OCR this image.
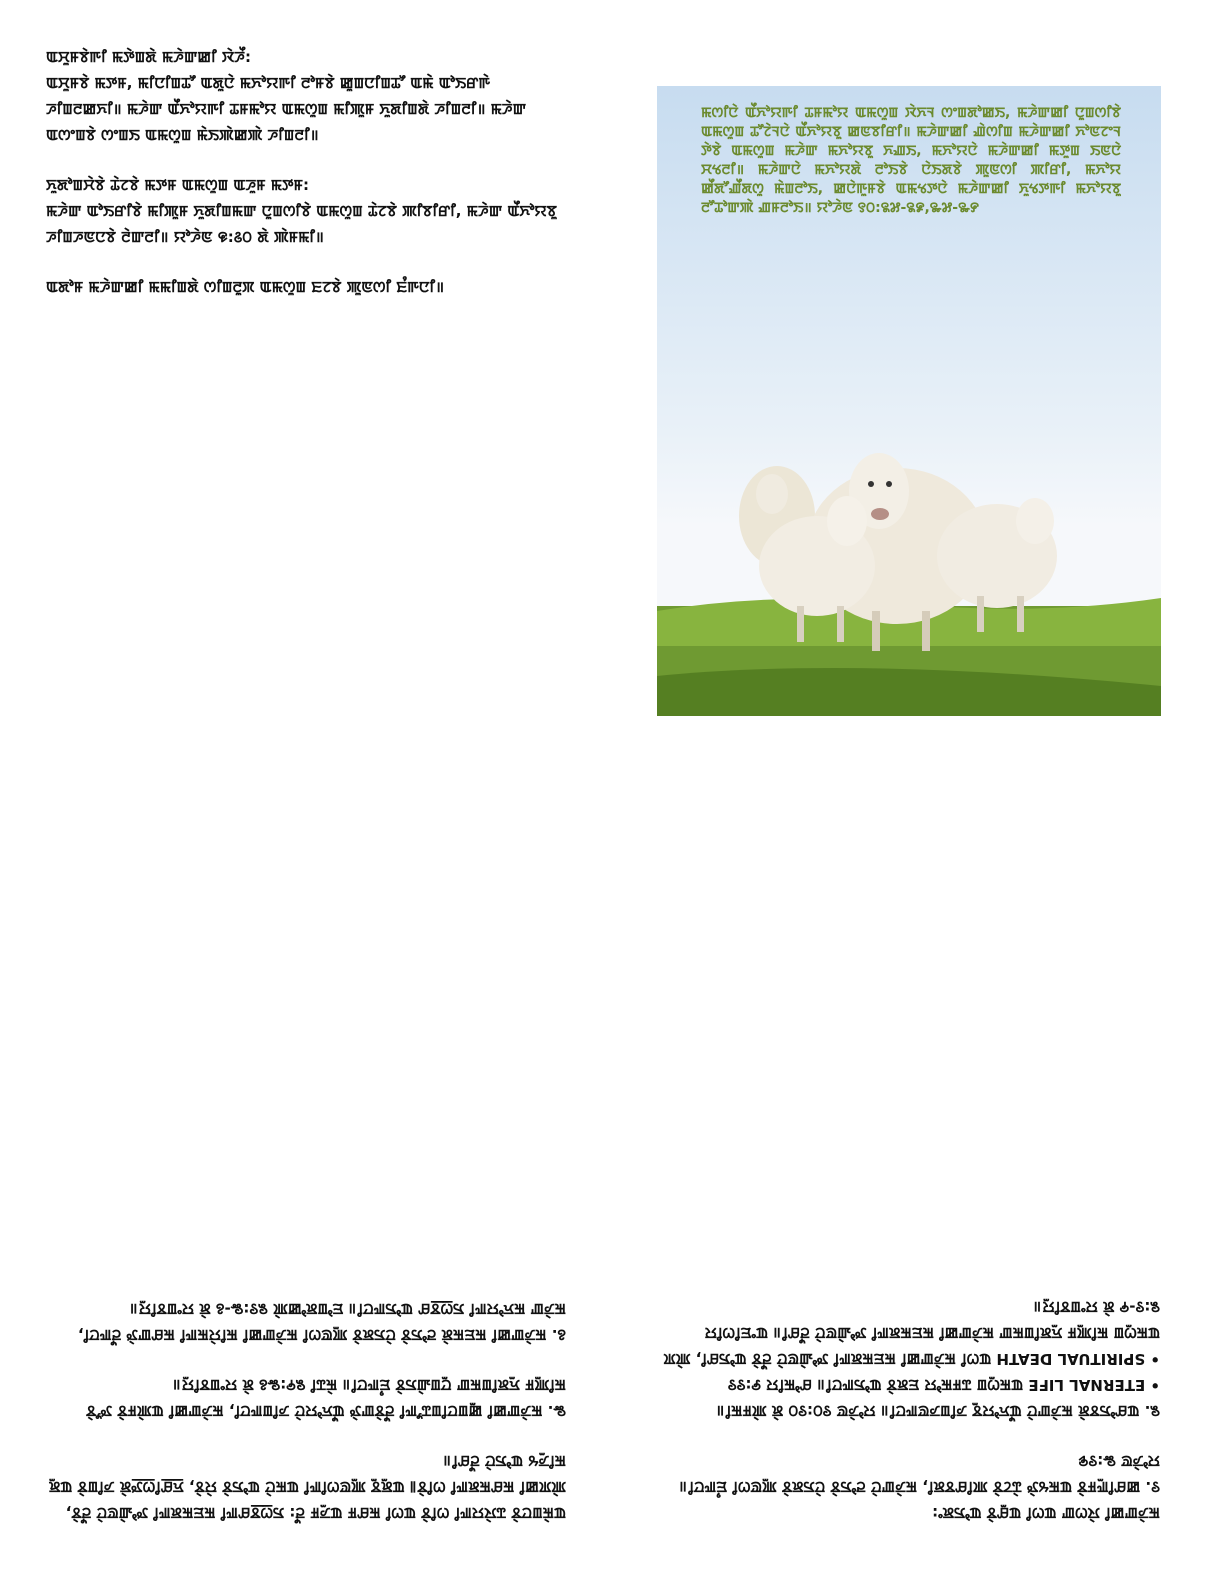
ꯑꯆꯨꯝꯕꯥꯒꯤ ꯃꯇꯥꯡꯗꯥ ꯃꯍꯥꯛꯀꯤ ꯋꯥꯍꯩ:
ꯑꯆꯨꯝꯕꯥ ꯃꯇꯝ, ꯃꯤꯅꯤꯡꯊꯧ ꯑꯗꯨꯅꯥ ꯃꯈꯣꯌꯒꯤ ꯂꯣꯝꯕꯥ ꯀꯨꯡꯅꯤꯡꯊꯧ ꯑꯃꯥ ꯑꯣꯏꯔꯒꯥ ꯍꯤꯡꯂꯀꯈꯤ॥ ꯃꯍꯥꯛ ꯑꯩꯈꯣꯌꯒꯤ ꯊꯝꯃꯣꯌ ꯑꯃꯁꯨꯡ ꯃꯤꯄꯨꯝ ꯈꯨꯗꯤꯡꯗꯥ ꯍꯤꯡꯂꯤ॥ ꯃꯍꯥꯛ ꯑꯁꯦꯡꯕꯥ ꯁꯦꯡꯏ ꯑꯃꯁꯨꯡ ꯃꯥꯏꯄꯥꯀꯄꯥ ꯍꯤꯡꯂꯤ॥

ꯈꯨꯗꯣꯡꯆꯥꯕꯥ ꯊꯥꯖꯕꯥ ꯃꯇꯝ ꯑꯃꯁꯨꯡ ꯑꯍꯨꯝ ꯃꯇꯝ:
ꯃꯍꯥꯛ ꯑꯣꯏꯔꯤꯕꯥ ꯃꯤꯄꯨꯝ ꯈꯨꯗꯤꯡꯃꯛ ꯅꯨꯡꯁꯤꯕꯥ ꯑꯃꯁꯨꯡ ꯊꯥꯖꯕꯥ ꯄꯤꯕꯤꯔꯤ, ꯃꯍꯥꯛ ꯑꯩꯈꯣꯌꯕꯨ ꯍꯤꯡꯍꯟꯅꯕꯥ ꯂꯥꯛꯂꯤ॥ ꯌꯣꯍꯥꯟ ꯶:꯴꯰ ꯗꯥ ꯄꯥꯝꯃꯤ॥

ꯑꯗꯣꯝ ꯃꯍꯥꯛꯀꯤ ꯃꯃꯤꯡꯗꯥ ꯁꯤꯡꯂꯨꯞ ꯑꯃꯁꯨꯡ ꯐꯖꯕꯥ ꯄꯨꯟꯁꯤ ꯐꯪꯒꯅꯤ॥

ꯃꯁꯤꯅꯥ ꯑꯩꯈꯣꯌꯒꯤ ꯊꯝꯃꯣꯌ ꯑꯃꯁꯨꯡ ꯋꯥꯈꯜ ꯁꯦꯡꯗꯣꯀꯏ, ꯃꯍꯥꯛꯀꯤ ꯅꯨꯡꯁꯤꯕꯥ ꯑꯃꯁꯨꯡ ꯊꯧꯖꯥꯜꯅꯥ ꯑꯩꯈꯣꯌꯕꯨ ꯀꯟꯕꯤꯔꯤ॥ ꯃꯍꯥꯛꯀꯤ ꯉꯥꯁꯤꯡ ꯃꯍꯥꯛꯀꯤ ꯈꯣꯟꯖꯦꯜ ꯇꯥꯕꯥ ꯑꯃꯁꯨꯡ ꯃꯍꯥꯛ ꯃꯈꯣꯌꯕꯨ ꯈꯉꯏ, ꯃꯈꯣꯌꯅꯥ ꯃꯍꯥꯛꯀꯤ ꯃꯇꯨꯡ ꯏꯟꯅꯥ ꯆꯠꯂꯤ॥ ꯃꯍꯥꯛꯅꯥ ꯃꯈꯣꯌꯗꯥ ꯂꯣꯏꯕꯥ ꯅꯥꯏꯗꯕꯥ ꯄꯨꯟꯁꯤ ꯄꯤꯔꯤ, ꯃꯈꯣꯌ ꯀꯩꯗꯧꯉꯩꯗꯁꯨ ꯃꯥꯡꯂꯣꯏ, ꯀꯅꯥꯒꯨꯝꯕꯥ ꯑꯃꯠꯇꯅꯥ ꯃꯍꯥꯛꯀꯤ ꯈꯨꯠꯇꯒꯤ ꯃꯈꯣꯌꯕꯨ ꯂꯧꯊꯣꯛꯄꯥ ꯉꯝꯂꯣꯏ॥ ꯌꯣꯍꯥꯟ ꯱꯰:꯲꯷-꯲꯹,꯳꯷-꯳꯸

ꯑꯃꯥꯡꯅꯕꯥ ꯊꯋꯥꯌꯒꯤ ꯁꯤꯕꯥ ꯑꯁꯤ ꯃꯔꯝ ꯑꯍꯨꯝ ꯂꯩ: ꯏꯁ꯭ꯕꯔꯒꯤ ꯃꯐꯃꯗꯒꯤ ꯇꯣꯉꯥꯟꯅꯥ ꯂꯩꯕꯥ, ꯄꯥꯞꯀꯤ ꯃꯔꯃꯗꯒꯤ ꯁꯤꯕꯥ꯫ ꯑꯗꯨꯕꯨ ꯄꯨꯟꯁꯤꯒꯤ ꯑꯃꯅꯥ ꯑꯣꯏꯕꯥ ꯌꯥꯕꯥ, ꯈ꯭ꯔꯤꯁ꯭ꯇꯗꯥ ꯍꯤꯡꯕꯥ ꯑꯗꯨ ꯃꯤꯍꯨꯠ ꯑꯣꯏꯅꯥ ꯂꯩꯔꯤ॥

꯳. ꯃꯍꯥꯛꯀꯤ ꯀꯨꯡꯅꯤꯡꯊꯧꯒꯤ ꯂꯩꯕꯥꯛꯇꯥ ꯑꯩꯈꯣꯌꯅꯥ ꯍꯤꯡꯒꯅꯤ, ꯃꯍꯥꯛꯀꯤ ꯑꯄꯥꯝꯕꯥ ꯇꯧꯕꯥ ꯃꯤꯄꯨꯝ ꯈꯨꯗꯤꯡꯃꯛ ꯅꯨꯡꯉꯥꯏꯕꯥ ꯐꯪꯒꯅꯤ॥ ꯃꯥꯊꯤ ꯲꯵:꯳꯴ ꯗꯥ ꯌꯦꯡꯕꯤꯌꯨ॥

꯴. ꯃꯍꯥꯛꯀꯤ ꯃꯐꯃꯗꯥ ꯂꯣꯏꯕꯥ ꯅꯥꯏꯗꯕꯥ ꯄꯨꯟꯁꯤ ꯃꯍꯥꯛꯀꯤ ꯃꯤꯌꯥꯃꯒꯤ ꯃꯔꯛꯇꯥ ꯂꯩꯒꯅꯤ, ꯃꯍꯥꯛ ꯃꯈꯣꯌꯒꯤ ꯏꯁ꯭ꯕꯔ ꯑꯣꯏꯒꯅꯤ॥ ꯐꯣꯡꯗꯣꯀꯄꯥ ꯲꯱:꯳-꯴ ꯗꯥ ꯌꯦꯡꯕꯤꯌꯨ॥

ꯃꯍꯥꯛꯀꯤ ꯋꯥꯁꯛ ꯑꯁꯤ ꯑꯔꯨꯕꯥ ꯑꯣꯏꯗꯦ:
꯱. ꯀꯔꯤꯒꯨꯝꯕꯥ ꯑꯃꯠꯇꯥ ꯊꯥꯖꯕꯥ ꯄꯤꯔꯕꯗꯤ, ꯃꯍꯥꯛꯅꯥ ꯂꯣꯏꯕꯥ ꯅꯥꯏꯗꯕꯥ ꯄꯨꯟꯁꯤ ꯐꯪꯒꯅꯤ॥ ꯌꯣꯍꯥꯟ ꯳:꯱꯶

꯲. ꯑꯔꯣꯏꯕꯗꯥ ꯃꯍꯥꯛꯅꯥ ꯑꯩꯈꯣꯌꯕꯨ ꯍꯤꯡꯍꯟꯒꯅꯤ॥ ꯌꯣꯍꯥꯟ ꯱꯰:꯱꯰ ꯗꯥ ꯄꯥꯝꯃꯤ॥
• ETERNAL LIFE ꯑꯃꯁꯨꯡ ꯊꯝꯃꯣꯌ ꯐꯗꯕꯥ ꯑꯣꯏꯒꯅꯤ॥ ꯔꯣꯃꯤꯌ ꯸:꯱꯱
• SPIRITUAL DEATH ꯑꯁꯤ ꯃꯍꯥꯛꯀꯤ ꯃꯐꯃꯗꯒꯤ ꯇꯣꯉꯥꯟꯅꯥ ꯂꯩꯕꯥ ꯑꯣꯏꯔꯤ, ꯄꯥꯞ ꯑꯃꯁꯨꯡ ꯃꯤꯄꯨꯝ ꯈꯨꯗꯤꯡꯃꯛ ꯃꯍꯥꯛꯀꯤ ꯃꯐꯃꯗꯒꯤ ꯇꯣꯉꯥꯟꯅꯥ ꯂꯩꯔꯤ॥ ꯑꯦꯐꯤꯁꯤꯌ ꯲:꯱-꯵ ꯗꯥ ꯌꯦꯡꯕꯤꯌꯨ॥
